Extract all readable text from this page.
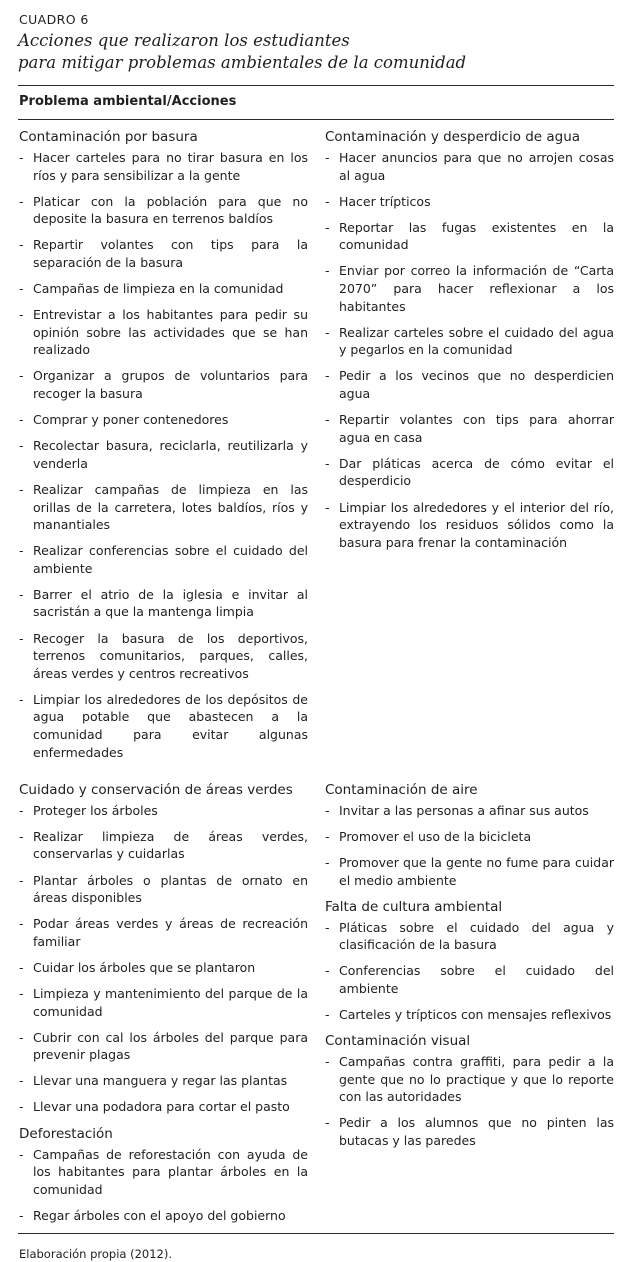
CUADRO 6

Acciones que realizaron los estudiantes

para mitigar problemas ambientales de la comunidad

Problema ambiental/Acciones
Contaminación por basura
- Hacer carteles para no tirar basura en los ríos y para sensibilizar a la gente
- Platicar con la población para que no deposite la basura en terrenos baldíos
- Repartir volantes con tips para la separación de la basura
- Campañas de limpieza en la comunidad
- Entrevistar a los habitantes para pedir su opinión sobre las actividades que se han realizado
- Organizar a grupos de voluntarios para recoger la basura
- Comprar y poner contenedores
- Recolectar basura, reciclarla, reutilizarla y venderla
- Realizar campañas de limpieza en las orillas de la carretera, lotes baldíos, ríos y manantiales
- Realizar conferencias sobre el cuidado del ambiente
- Barrer el atrio de la iglesia e invitar al sacristán a que la mantenga limpia
- Recoger la basura de los deportivos, terrenos comunitarios, parques, calles, áreas verdes y centros recreativos
- Limpiar los alrededores de los depósitos de agua potable que abastecen a la comunidad para evitar algunas enfermedades
Contaminación y desperdicio de agua
- Hacer anuncios para que no arrojen cosas al agua
- Hacer trípticos
- Reportar las fugas existentes en la comunidad
- Enviar por correo la información de “Carta 2070” para hacer reflexionar a los habitantes
- Realizar carteles sobre el cuidado del agua y pegarlos en la comunidad
- Pedir a los vecinos que no desperdicien agua
- Repartir volantes con tips para ahorrar agua en casa
- Dar pláticas acerca de cómo evitar el desperdicio
- Limpiar los alrededores y el interior del río, extrayendo los residuos sólidos como la basura para frenar la contaminación
Cuidado y conservación de áreas verdes
- Proteger los árboles
- Realizar limpieza de áreas verdes, conservarlas y cuidarlas
- Plantar árboles o plantas de ornato en áreas disponibles
- Podar áreas verdes y áreas de recreación familiar
- Cuidar los árboles que se plantaron
- Limpieza y mantenimiento del parque de la comunidad
- Cubrir con cal los árboles del parque para prevenir plagas
- Llevar una manguera y regar las plantas
- Llevar una podadora para cortar el pasto
Deforestación
- Campañas de reforestación con ayuda de los habitantes para plantar árboles en la comunidad
- Regar árboles con el apoyo del gobierno
Contaminación de aire
- Invitar a las personas a afinar sus autos
- Promover el uso de la bicicleta
- Promover que la gente no fume para cuidar el medio ambiente
Falta de cultura ambiental
- Pláticas sobre el cuidado del agua y clasificación de la basura
- Conferencias sobre el cuidado del ambiente
- Carteles y trípticos con mensajes reflexivos
Contaminación visual
- Campañas contra graffiti, para pedir a la gente que no lo practique y que lo reporte con las autoridades
- Pedir a los alumnos que no pinten las butacas y las paredes
Elaboración propia (2012).
